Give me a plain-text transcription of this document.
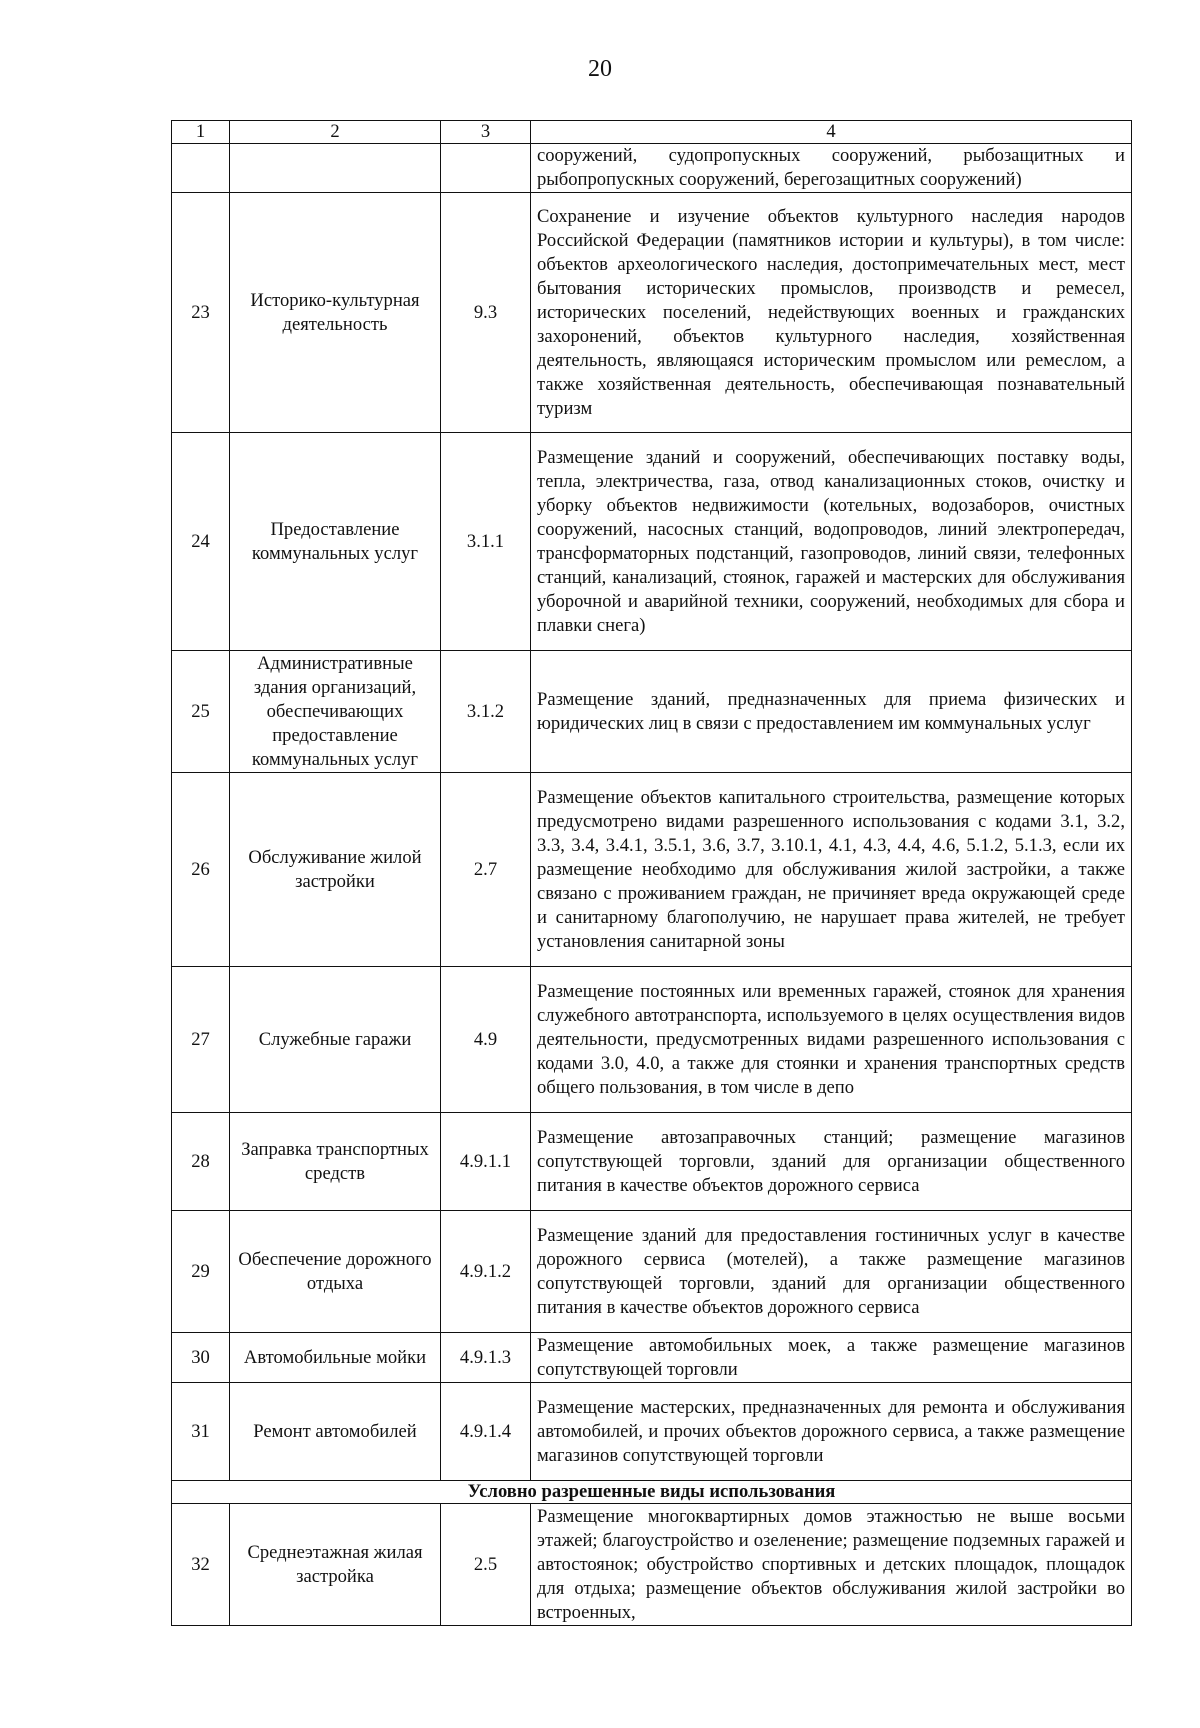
20
1	2	3	4
			сооружений, судопропускных сооружений, рыбозащитных и рыбопропускных сооружений, берегозащитных сооружений)
23	Историко-культурная деятельность	9.3	Сохранение и изучение объектов культурного наследия народов Российской Федерации (памятников истории и культуры), в том числе: объектов археологического наследия, достопримечательных мест, мест бытования исторических промыслов, производств и ремесел, исторических поселений, недействующих военных и гражданских захоронений, объектов культурного наследия, хозяйственная деятельность, являющаяся историческим промыслом или ремеслом, а также хозяйственная деятельность, обеспечивающая познавательный туризм
24	Предоставление коммунальных услуг	3.1.1	Размещение зданий и сооружений, обеспечивающих поставку воды, тепла, электричества, газа, отвод канализационных стоков, очистку и уборку объектов недвижимости (котельных, водозаборов, очистных сооружений, насосных станций, водопроводов, линий электропередач, трансформаторных подстанций, газопроводов, линий связи, телефонных станций, канализаций, стоянок, гаражей и мастерских для обслуживания уборочной и аварийной техники, сооружений, необходимых для сбора и плавки снега)
25	Административные здания организаций, обеспечивающих предоставление коммунальных услуг	3.1.2	Размещение зданий, предназначенных для приема физических и юридических лиц в связи с предоставлением им коммунальных услуг
26	Обслуживание жилой застройки	2.7	Размещение объектов капитального строительства, размещение которых предусмотрено видами разрешенного использования с кодами 3.1, 3.2, 3.3, 3.4, 3.4.1, 3.5.1, 3.6, 3.7, 3.10.1, 4.1, 4.3, 4.4, 4.6, 5.1.2, 5.1.3, если их размещение необходимо для обслуживания жилой застройки, а также связано с проживанием граждан, не причиняет вреда окружающей среде и санитарному благополучию, не нарушает права жителей, не требует установления санитарной зоны
27	Служебные гаражи	4.9	Размещение постоянных или временных гаражей, стоянок для хранения служебного автотранспорта, используемого в целях осуществления видов деятельности, предусмотренных видами разрешенного использования с кодами 3.0, 4.0, а также для стоянки и хранения транспортных средств общего пользования, в том числе в депо
28	Заправка транспортных средств	4.9.1.1	Размещение автозаправочных станций; размещение магазинов сопутствующей торговли, зданий для организации общественного питания в качестве объектов дорожного сервиса
29	Обеспечение дорожного отдыха	4.9.1.2	Размещение зданий для предоставления гостиничных услуг в качестве дорожного сервиса (мотелей), а также размещение магазинов сопутствующей торговли, зданий для организации общественного питания в качестве объектов дорожного сервиса
30	Автомобильные мойки	4.9.1.3	Размещение автомобильных моек, а также размещение магазинов сопутствующей торговли
31	Ремонт автомобилей	4.9.1.4	Размещение мастерских, предназначенных для ремонта и обслуживания автомобилей, и прочих объектов дорожного сервиса, а также размещение магазинов сопутствующей торговли
Условно разрешенные виды использования			
32	Среднеэтажная жилая застройка	2.5	Размещение многоквартирных домов этажностью не выше восьми этажей; благоустройство и озеленение; размещение подземных гаражей и автостоянок; обустройство спортивных и детских площадок, площадок для отдыха; размещение объектов обслуживания жилой застройки во встроенных,
